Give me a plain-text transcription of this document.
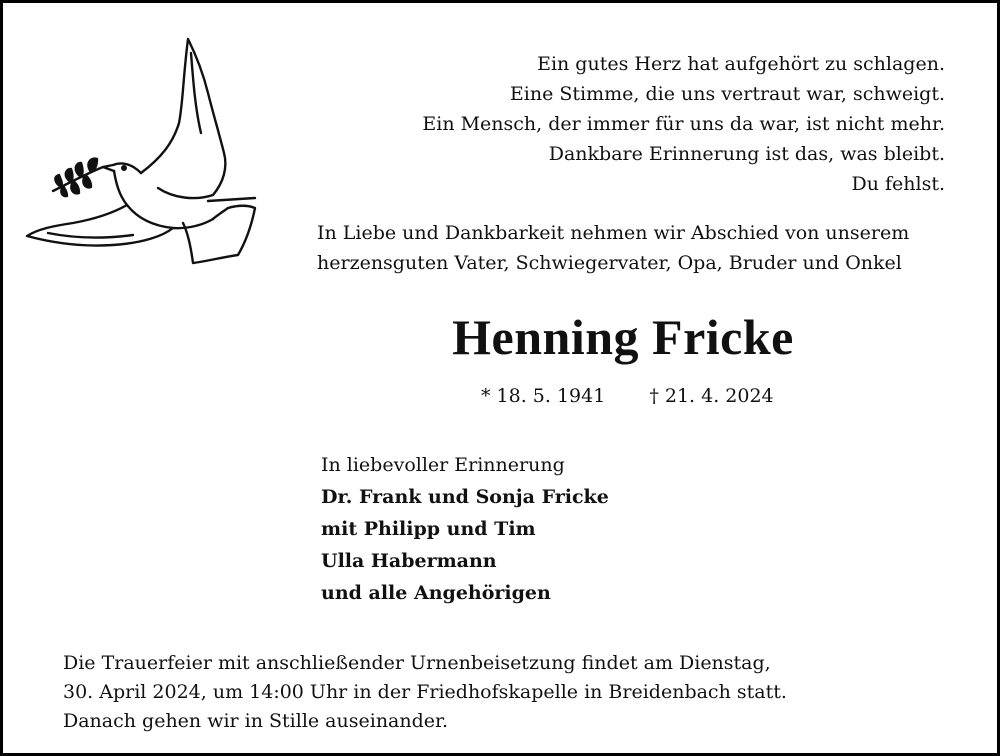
Ein gutes Herz hat aufgehört zu schlagen.
Eine Stimme, die uns vertraut war, schweigt.
Ein Mensch, der immer für uns da war, ist nicht mehr.
Dankbare Erinnerung ist das, was bleibt.
Du fehlst.
In Liebe und Dankbarkeit nehmen wir Abschied von unserem
herzensguten Vater, Schwiegervater, Opa, Bruder und Onkel
Henning Fricke
* 18. 5. 1941 † 21. 4. 2024
In liebevoller Erinnerung
Dr. Frank und Sonja Fricke
mit Philipp und Tim
Ulla Habermann
und alle Angehörigen
Die Trauerfeier mit anschließender Urnenbeisetzung findet am Dienstag,
30. April 2024, um 14:00 Uhr in der Friedhofskapelle in Breidenbach statt.
Danach gehen wir in Stille auseinander.
